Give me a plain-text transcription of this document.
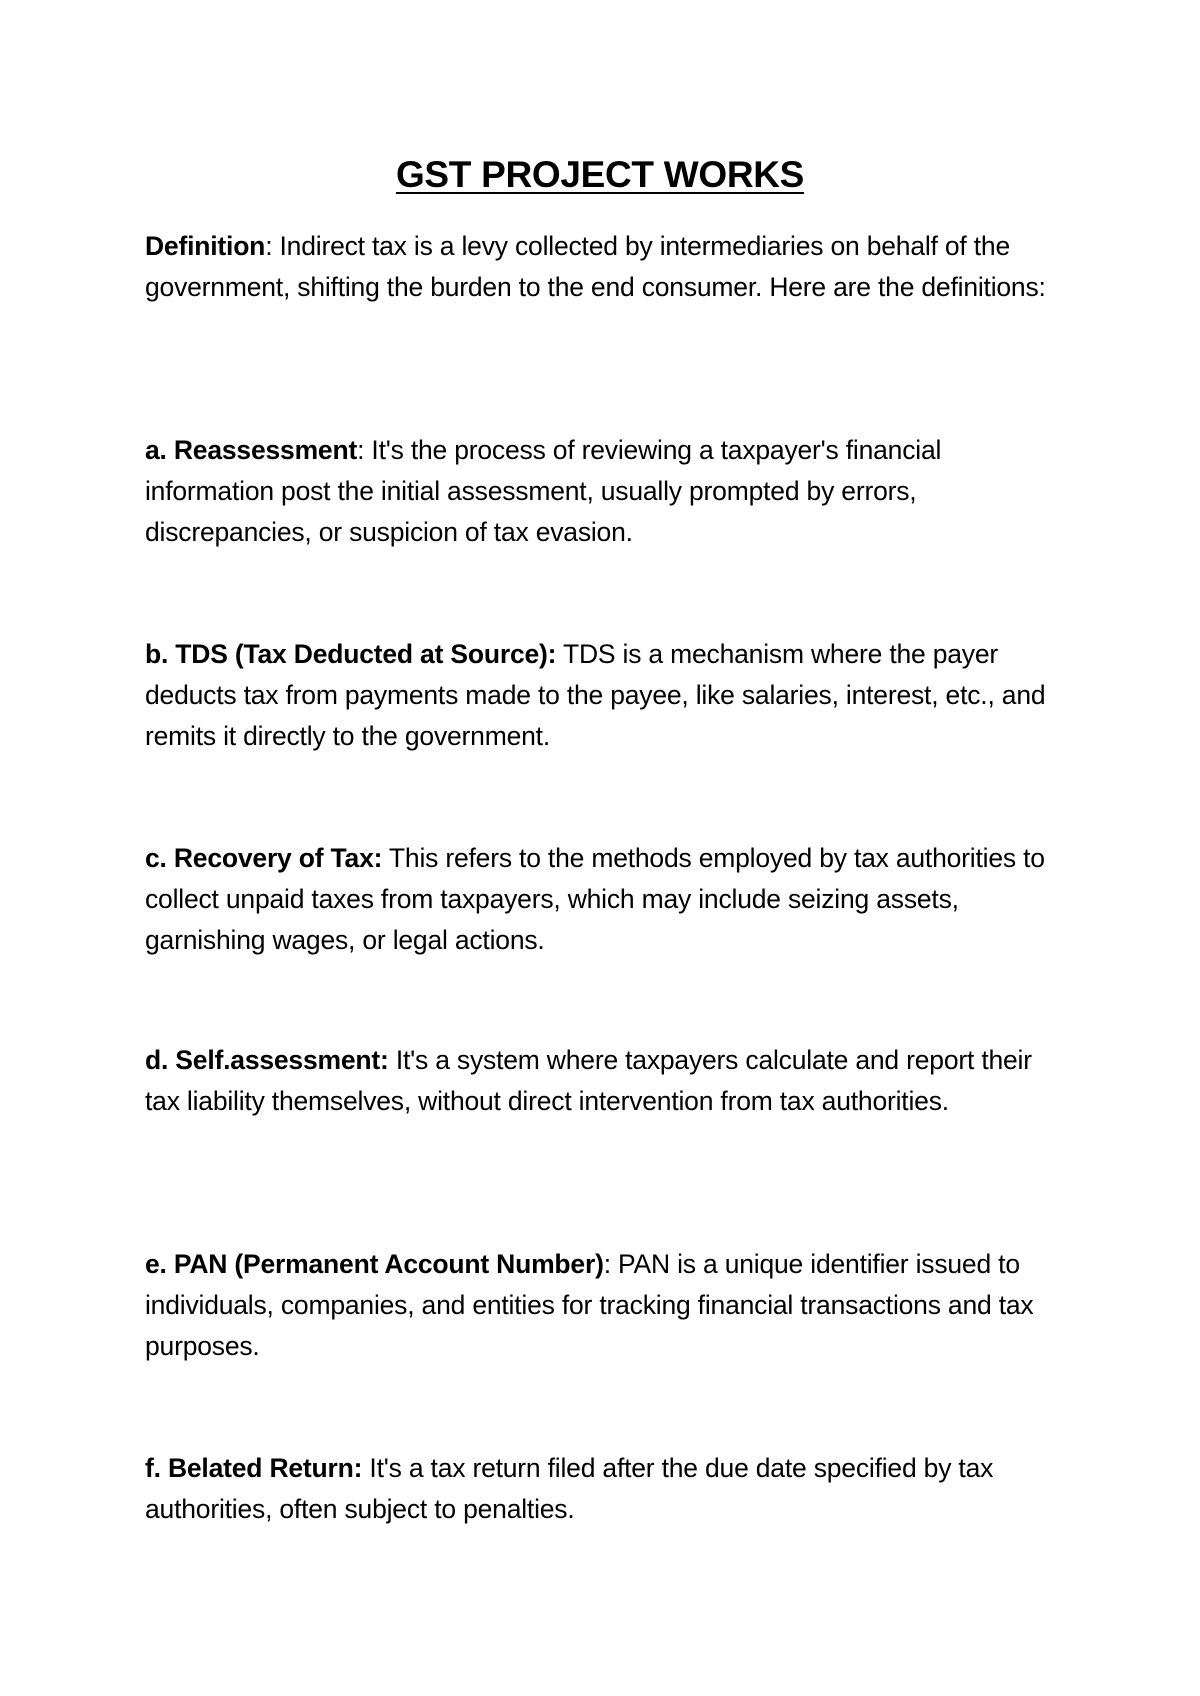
GST PROJECT WORKS

Definition: Indirect tax is a levy collected by intermediaries on behalf of the government, shifting the burden to the end consumer. Here are the definitions:

a. Reassessment: It's the process of reviewing a taxpayer's financial information post the initial assessment, usually prompted by errors, discrepancies, or suspicion of tax evasion.

b. TDS (Tax Deducted at Source): TDS is a mechanism where the payer deducts tax from payments made to the payee, like salaries, interest, etc., and remits it directly to the government.

c. Recovery of Tax: This refers to the methods employed by tax authorities to collect unpaid taxes from taxpayers, which may include seizing assets, garnishing wages, or legal actions.

d. Self.assessment: It's a system where taxpayers calculate and report their tax liability themselves, without direct intervention from tax authorities.

e. PAN (Permanent Account Number): PAN is a unique identifier issued to individuals, companies, and entities for tracking financial transactions and tax purposes.

f. Belated Return: It's a tax return filed after the due date specified by tax authorities, often subject to penalties.
